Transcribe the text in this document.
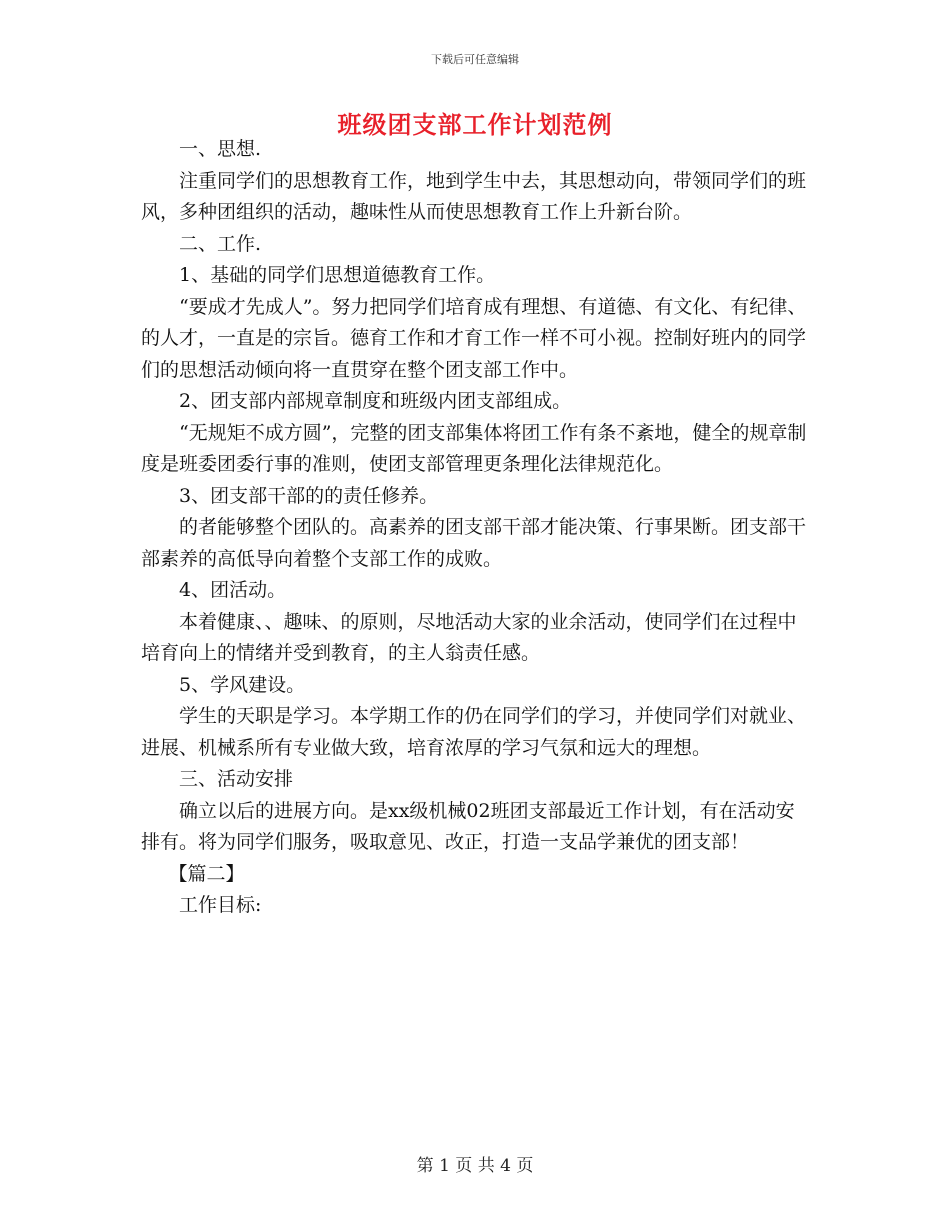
下载后可任意编辑
班级团支部工作计划范例

一、思想.

注重同学们的思想教育工作，地到学生中去，其思想动向，带领同学们的班风，多种团组织的活动，趣味性从而使思想教育工作上升新台阶。

二、工作.

1、基础的同学们思想道德教育工作。

“要成才先成人”。努力把同学们培育成有理想、有道德、有文化、有纪律、的人才，一直是的宗旨。德育工作和才育工作一样不可小视。控制好班内的同学们的思想活动倾向将一直贯穿在整个团支部工作中。

2、团支部内部规章制度和班级内团支部组成。

“无规矩不成方圆”，完整的团支部集体将团工作有条不紊地，健全的规章制度是班委团委行事的准则，使团支部管理更条理化法律规范化。

3、团支部干部的的责任修养。

的者能够整个团队的。高素养的团支部干部才能决策、行事果断。团支部干部素养的高低导向着整个支部工作的成败。

4、团活动。

本着健康、、趣味、的原则，尽地活动大家的业余活动，使同学们在过程中培育向上的情绪并受到教育，的主人翁责任感。

5、学风建设。

学生的天职是学习。本学期工作的仍在同学们的学习，并使同学们对就业、进展、机械系所有专业做大致，培育浓厚的学习气氛和远大的理想。

三、活动安排

确立以后的进展方向。是xx级机械02班团支部最近工作计划，有在活动安排有。将为同学们服务，吸取意见、改正，打造一支品学兼优的团支部！

【篇二】

工作目标:

第 1 页 共 4 页
